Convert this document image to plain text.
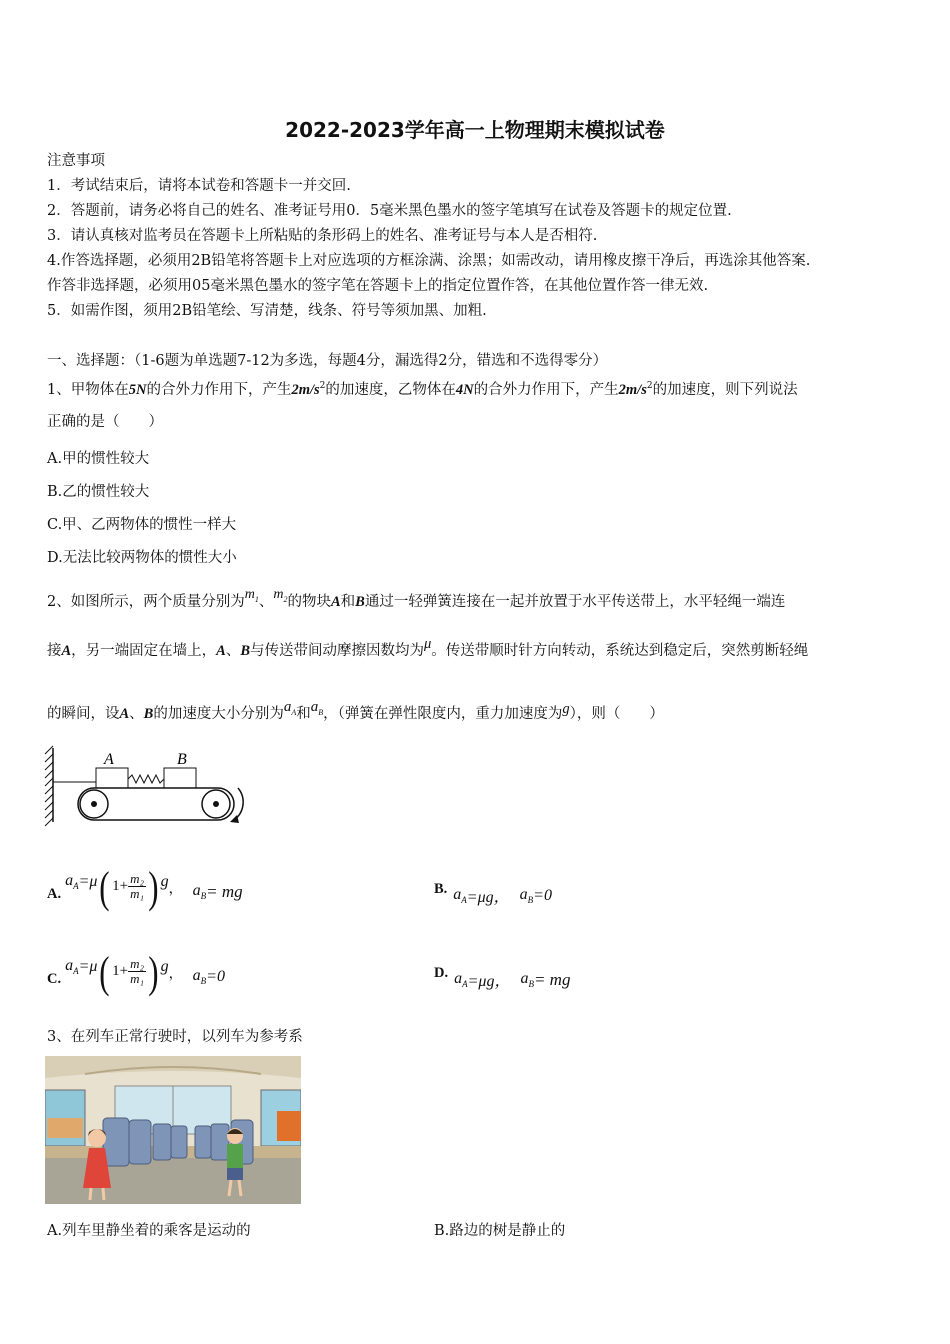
2022-2023学年高一上物理期末模拟试卷
注意事项
1．考试结束后，请将本试卷和答题卡一并交回.
2．答题前，请务必将自己的姓名、准考证号用0．5毫米黑色墨水的签字笔填写在试卷及答题卡的规定位置.
3．请认真核对监考员在答题卡上所粘贴的条形码上的姓名、准考证号与本人是否相符.
4.作答选择题，必须用2B铅笔将答题卡上对应选项的方框涂满、涂黑；如需改动，请用橡皮擦干净后，再选涂其他答案.
作答非选择题，必须用05毫米黑色墨水的签字笔在答题卡上的指定位置作答，在其他位置作答一律无效.
5．如需作图，须用2B铅笔绘、写清楚，线条、符号等须加黑、加粗.
一、选择题：（1-6题为单选题7-12为多选，每题4分，漏选得2分，错选和不选得零分）
1、甲物体在5N的合外力作用下，产生$2m/s^2$的加速度，乙物体在4N的合外力作用下，产生$2m/s^2$的加速度，则下列说法
正确的是（　　）
A.甲的惯性较大
B.乙的惯性较大
C.甲、乙两物体的惯性一样大
D.无法比较两物体的惯性大小
2、如图所示，两个质量分别为$m_1$、$m_2$的物块A和B通过一轻弹簧连接在一起并放置于水平传送带上，水平轻绳一端连
接A，另一端固定在墙上，A、B与传送带间动摩擦因数均为μ。传送带顺时针方向转动，系统达到稳定后，突然剪断轻绳
的瞬间，设A、B的加速度大小分别为$a_A$和$a_B$，（弹簧在弹性限度内，重力加速度为g），则（　　）
A	B
A.
$a_A =\mu$ ( $1+ \frac{\text{m₂}}{\text{m₁}}$ ) g ， $a_B$ = mg	B. $a_A =\mu g$， $a_B =0$
C.
$a_A =\mu$ ( $1+ \frac{\text{m₂}}{\text{m₁}}$ ) g ， $a_B =0$	D. $a_A =\mu g$， $a_B$ = mg
3、在列车正常行驶时，以列车为参考系
A.列车里静坐着的乘客是运动的	B.路边的树是静止的
